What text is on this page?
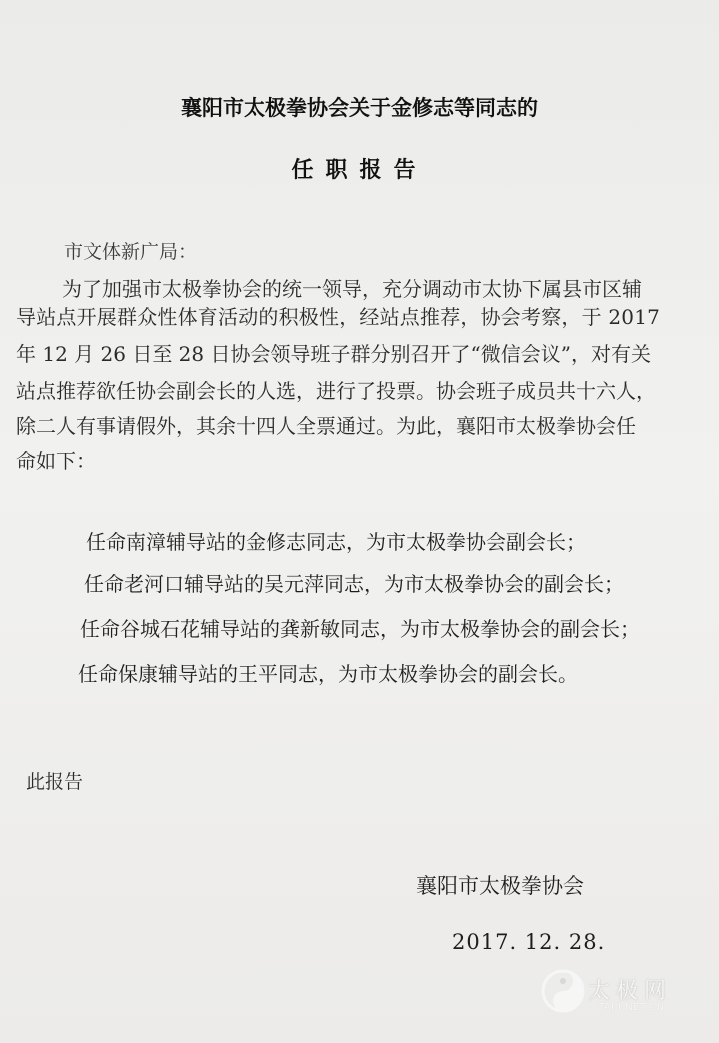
襄阳市太极拳协会关于金修志等同志的
任职报告
市文体新广局：
为了加强市太极拳协会的统一领导，充分调动市太协下属县市区辅
导站点开展群众性体育活动的积极性，经站点推荐，协会考察，于 2017
年 12 月 26 日至 28 日协会领导班子群分别召开了“微信会议”，对有关
站点推荐欲任协会副会长的人选，进行了投票。协会班子成员共十六人，
除二人有事请假外，其余十四人全票通过。为此，襄阳市太极拳协会任
命如下：
任命南漳辅导站的金修志同志，为市太极拳协会副会长；
任命老河口辅导站的吴元萍同志，为市太极拳协会的副会长；
任命谷城石花辅导站的龚新敏同志，为市太极拳协会的副会长；
任命保康辅导站的王平同志，为市太极拳协会的副会长。
此报告
襄阳市太极拳协会
2017. 12. 28.
太极网
TAIJI.NET.CN
